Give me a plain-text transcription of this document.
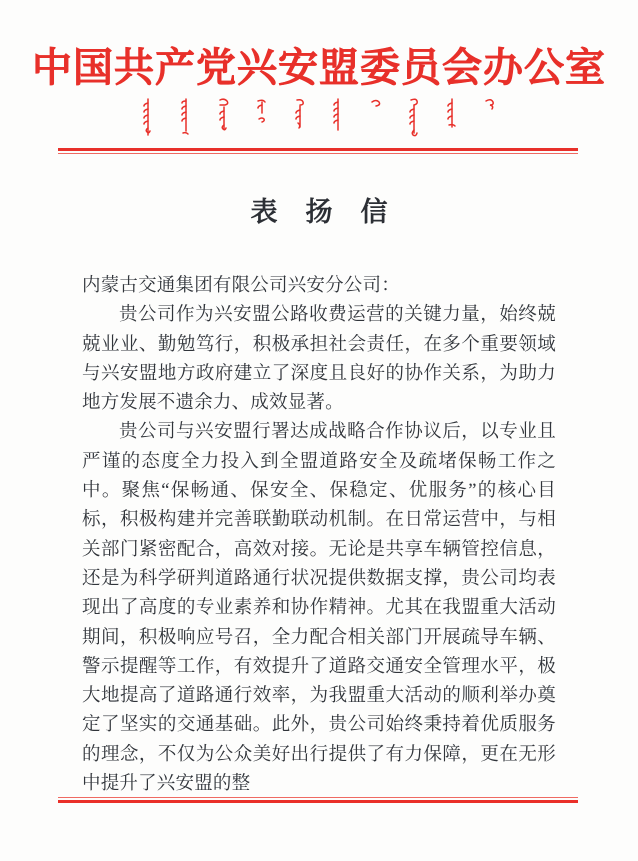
中国共产党兴安盟委员会办公室
表扬信

内蒙古交通集团有限公司兴安分公司：

贵公司作为兴安盟公路收费运营的关键力量，始终兢兢业业、勤勉笃行，积极承担社会责任，在多个重要领域与兴安盟地方政府建立了深度且良好的协作关系，为助力地方发展不遗余力、成效显著。

贵公司与兴安盟行署达成战略合作协议后，以专业且严谨的态度全力投入到全盟道路安全及疏堵保畅工作之中。聚焦“保畅通、保安全、保稳定、优服务”的核心目标，积极构建并完善联勤联动机制。在日常运营中，与相关部门紧密配合，高效对接。无论是共享车辆管控信息，还是为科学研判道路通行状况提供数据支撑，贵公司均表现出了高度的专业素养和协作精神。尤其在我盟重大活动期间，积极响应号召，全力配合相关部门开展疏导车辆、警示提醒等工作，有效提升了道路交通安全管理水平，极大地提高了道路通行效率，为我盟重大活动的顺利举办奠定了坚实的交通基础。此外，贵公司始终秉持着优质服务的理念，不仅为公众美好出行提供了有力保障，更在无形中提升了兴安盟的整
